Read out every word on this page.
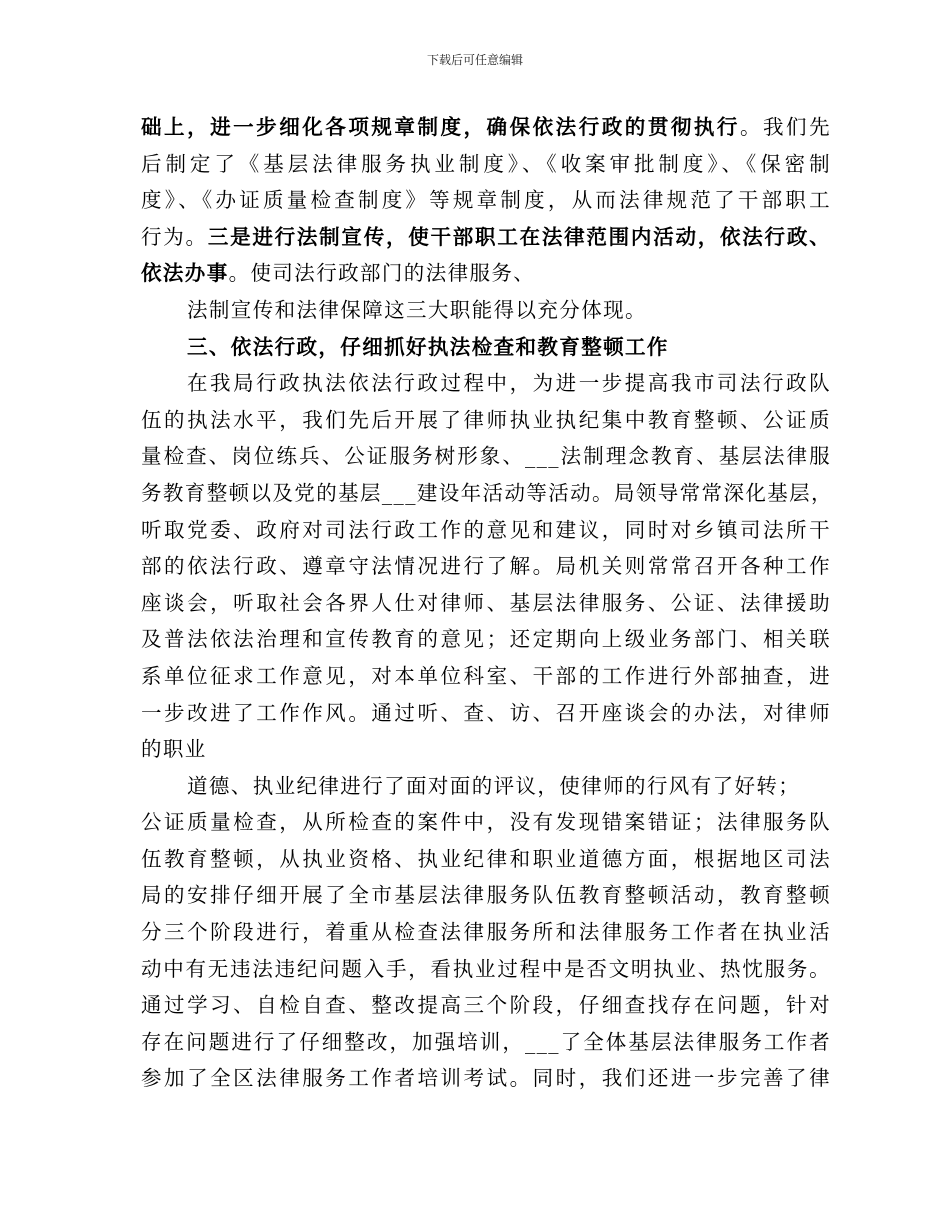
下载后可任意编辑
础上，进一步细化各项规章制度，确保依法行政的贯彻执行。我们先
后制定了《基层法律服务执业制度》、《收案审批制度》、《保密制
度》、《办证质量检查制度》等规章制度，从而法律规范了干部职工
行为。三是进行法制宣传，使干部职工在法律范围内活动，依法行政、
依法办事。使司法行政部门的法律服务、
法制宣传和法律保障这三大职能得以充分体现。
三、依法行政，仔细抓好执法检查和教育整顿工作
在我局行政执法依法行政过程中，为进一步提高我市司法行政队
伍的执法水平，我们先后开展了律师执业执纪集中教育整顿、公证质
量检查、岗位练兵、公证服务树形象、___法制理念教育、基层法律服
务教育整顿以及党的基层___建设年活动等活动。局领导常常深化基层，
听取党委、政府对司法行政工作的意见和建议，同时对乡镇司法所干
部的依法行政、遵章守法情况进行了解。局机关则常常召开各种工作
座谈会，听取社会各界人仕对律师、基层法律服务、公证、法律援助
及普法依法治理和宣传教育的意见；还定期向上级业务部门、相关联
系单位征求工作意见，对本单位科室、干部的工作进行外部抽查，进
一步改进了工作作风。通过听、查、访、召开座谈会的办法，对律师
的职业
道德、执业纪律进行了面对面的评议，使律师的行风有了好转；
公证质量检查，从所检查的案件中，没有发现错案错证；法律服务队
伍教育整顿，从执业资格、执业纪律和职业道德方面，根据地区司法
局的安排仔细开展了全市基层法律服务队伍教育整顿活动，教育整顿
分三个阶段进行，着重从检查法律服务所和法律服务工作者在执业活
动中有无违法违纪问题入手，看执业过程中是否文明执业、热忱服务。
通过学习、自检自查、整改提高三个阶段，仔细查找存在问题，针对
存在问题进行了仔细整改，加强培训，___了全体基层法律服务工作者
参加了全区法律服务工作者培训考试。同时，我们还进一步完善了律
